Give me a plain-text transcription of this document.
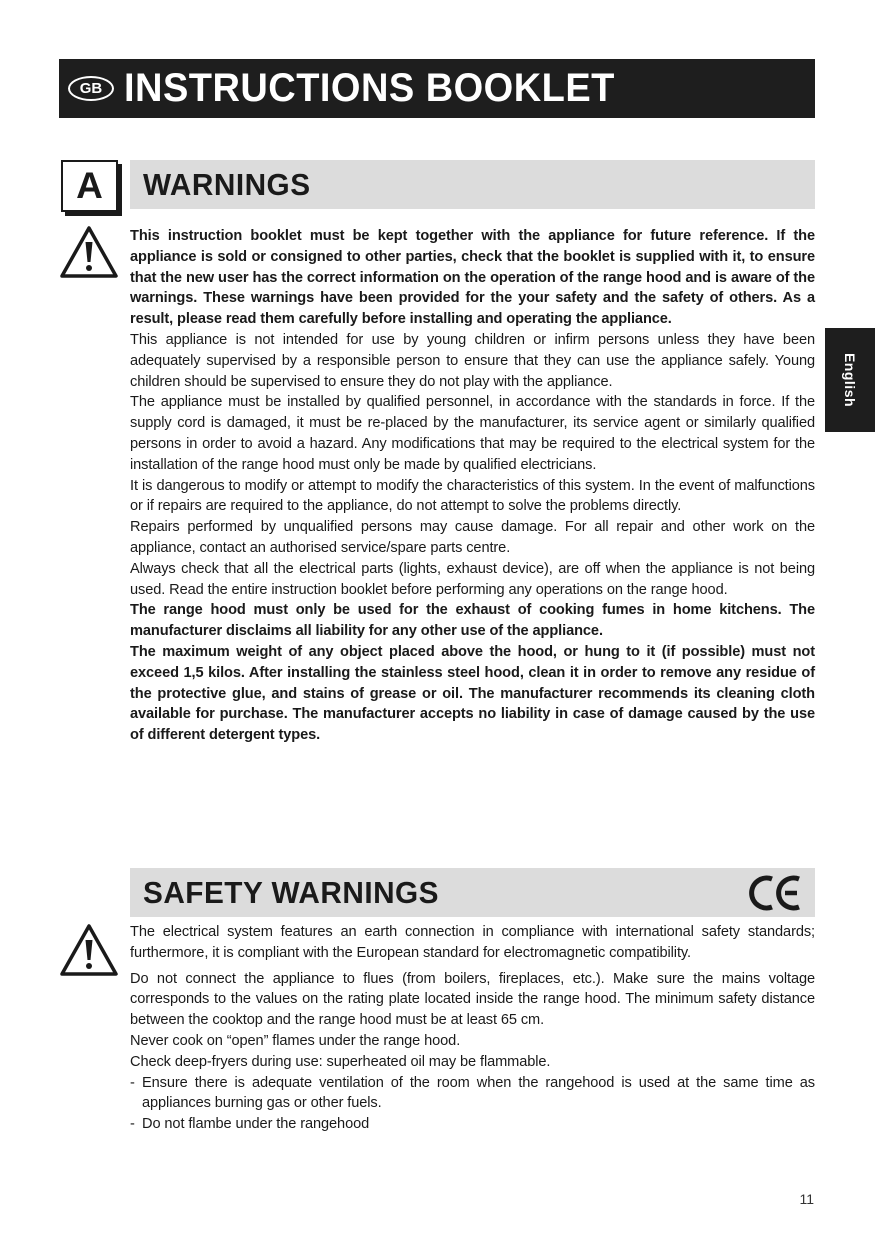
GB INSTRUCTIONS BOOKLET
English
A	WARNINGS

This instruction booklet must be kept together with the appliance for future reference. If the appliance is sold or consigned to other parties, check that the booklet is supplied with it, to ensure that the new user has the correct information on the operation of the range hood and is aware of the warnings. These warnings have been provided for the your safety and the safety of others. As a result, please read them carefully before installing and operating the appliance.

This appliance is not intended for use by young children or infirm persons unless they have been adequately supervised by a responsible person to ensure that they can use the appliance safely. Young children should be supervised to ensure they do not play with the appliance.

The appliance must be installed by qualified personnel, in accordance with the standards in force. If the supply cord is damaged, it must be re-placed by the manufacturer, its service agent or similarly qualified persons in order to avoid a hazard. Any modifications that may be required to the electrical system for the installation of the range hood must only be made by qualified electricians.

It is dangerous to modify or attempt to modify the characteristics of this system. In the event of malfunctions or if repairs are required to the appliance, do not attempt to solve the problems directly.

Repairs performed by unqualified persons may cause damage. For all repair and other work on the appliance, contact an authorised service/spare parts centre.

Always check that all the electrical parts (lights, exhaust device), are off when the appliance is not being used. Read the entire instruction booklet before performing any operations on the range hood.

The range hood must only be used for the exhaust of cooking fumes in home kitchens. The manufacturer disclaims all liability for any other use of the appliance.

The maximum weight of any object placed above the hood, or hung to it (if possible) must not exceed 1,5 kilos. After installing the stainless steel hood, clean it in order to remove any residue of the protective glue, and stains of grease or oil. The manufacturer recommends its cleaning cloth available for purchase. The manufacturer accepts no liability in case of damage caused by the use of different detergent types.

SAFETY WARNINGS

The electrical system features an earth connection in compliance with international safety standards; furthermore, it is compliant with the European standard for electromagnetic compatibility.

Do not connect the appliance to flues (from boilers, fireplaces, etc.). Make sure the mains voltage corresponds to the values on the rating plate located inside the range hood. The minimum safety distance between the cooktop and the range hood must be at least 65 cm.

Never cook on “open” flames under the range hood.

Check deep-fryers during use: superheated oil may be flammable.

- Ensure there is adequate ventilation of the room when the rangehood is used at the same time as appliances burning gas or other fuels.
- Do not flambe under the rangehood
11
